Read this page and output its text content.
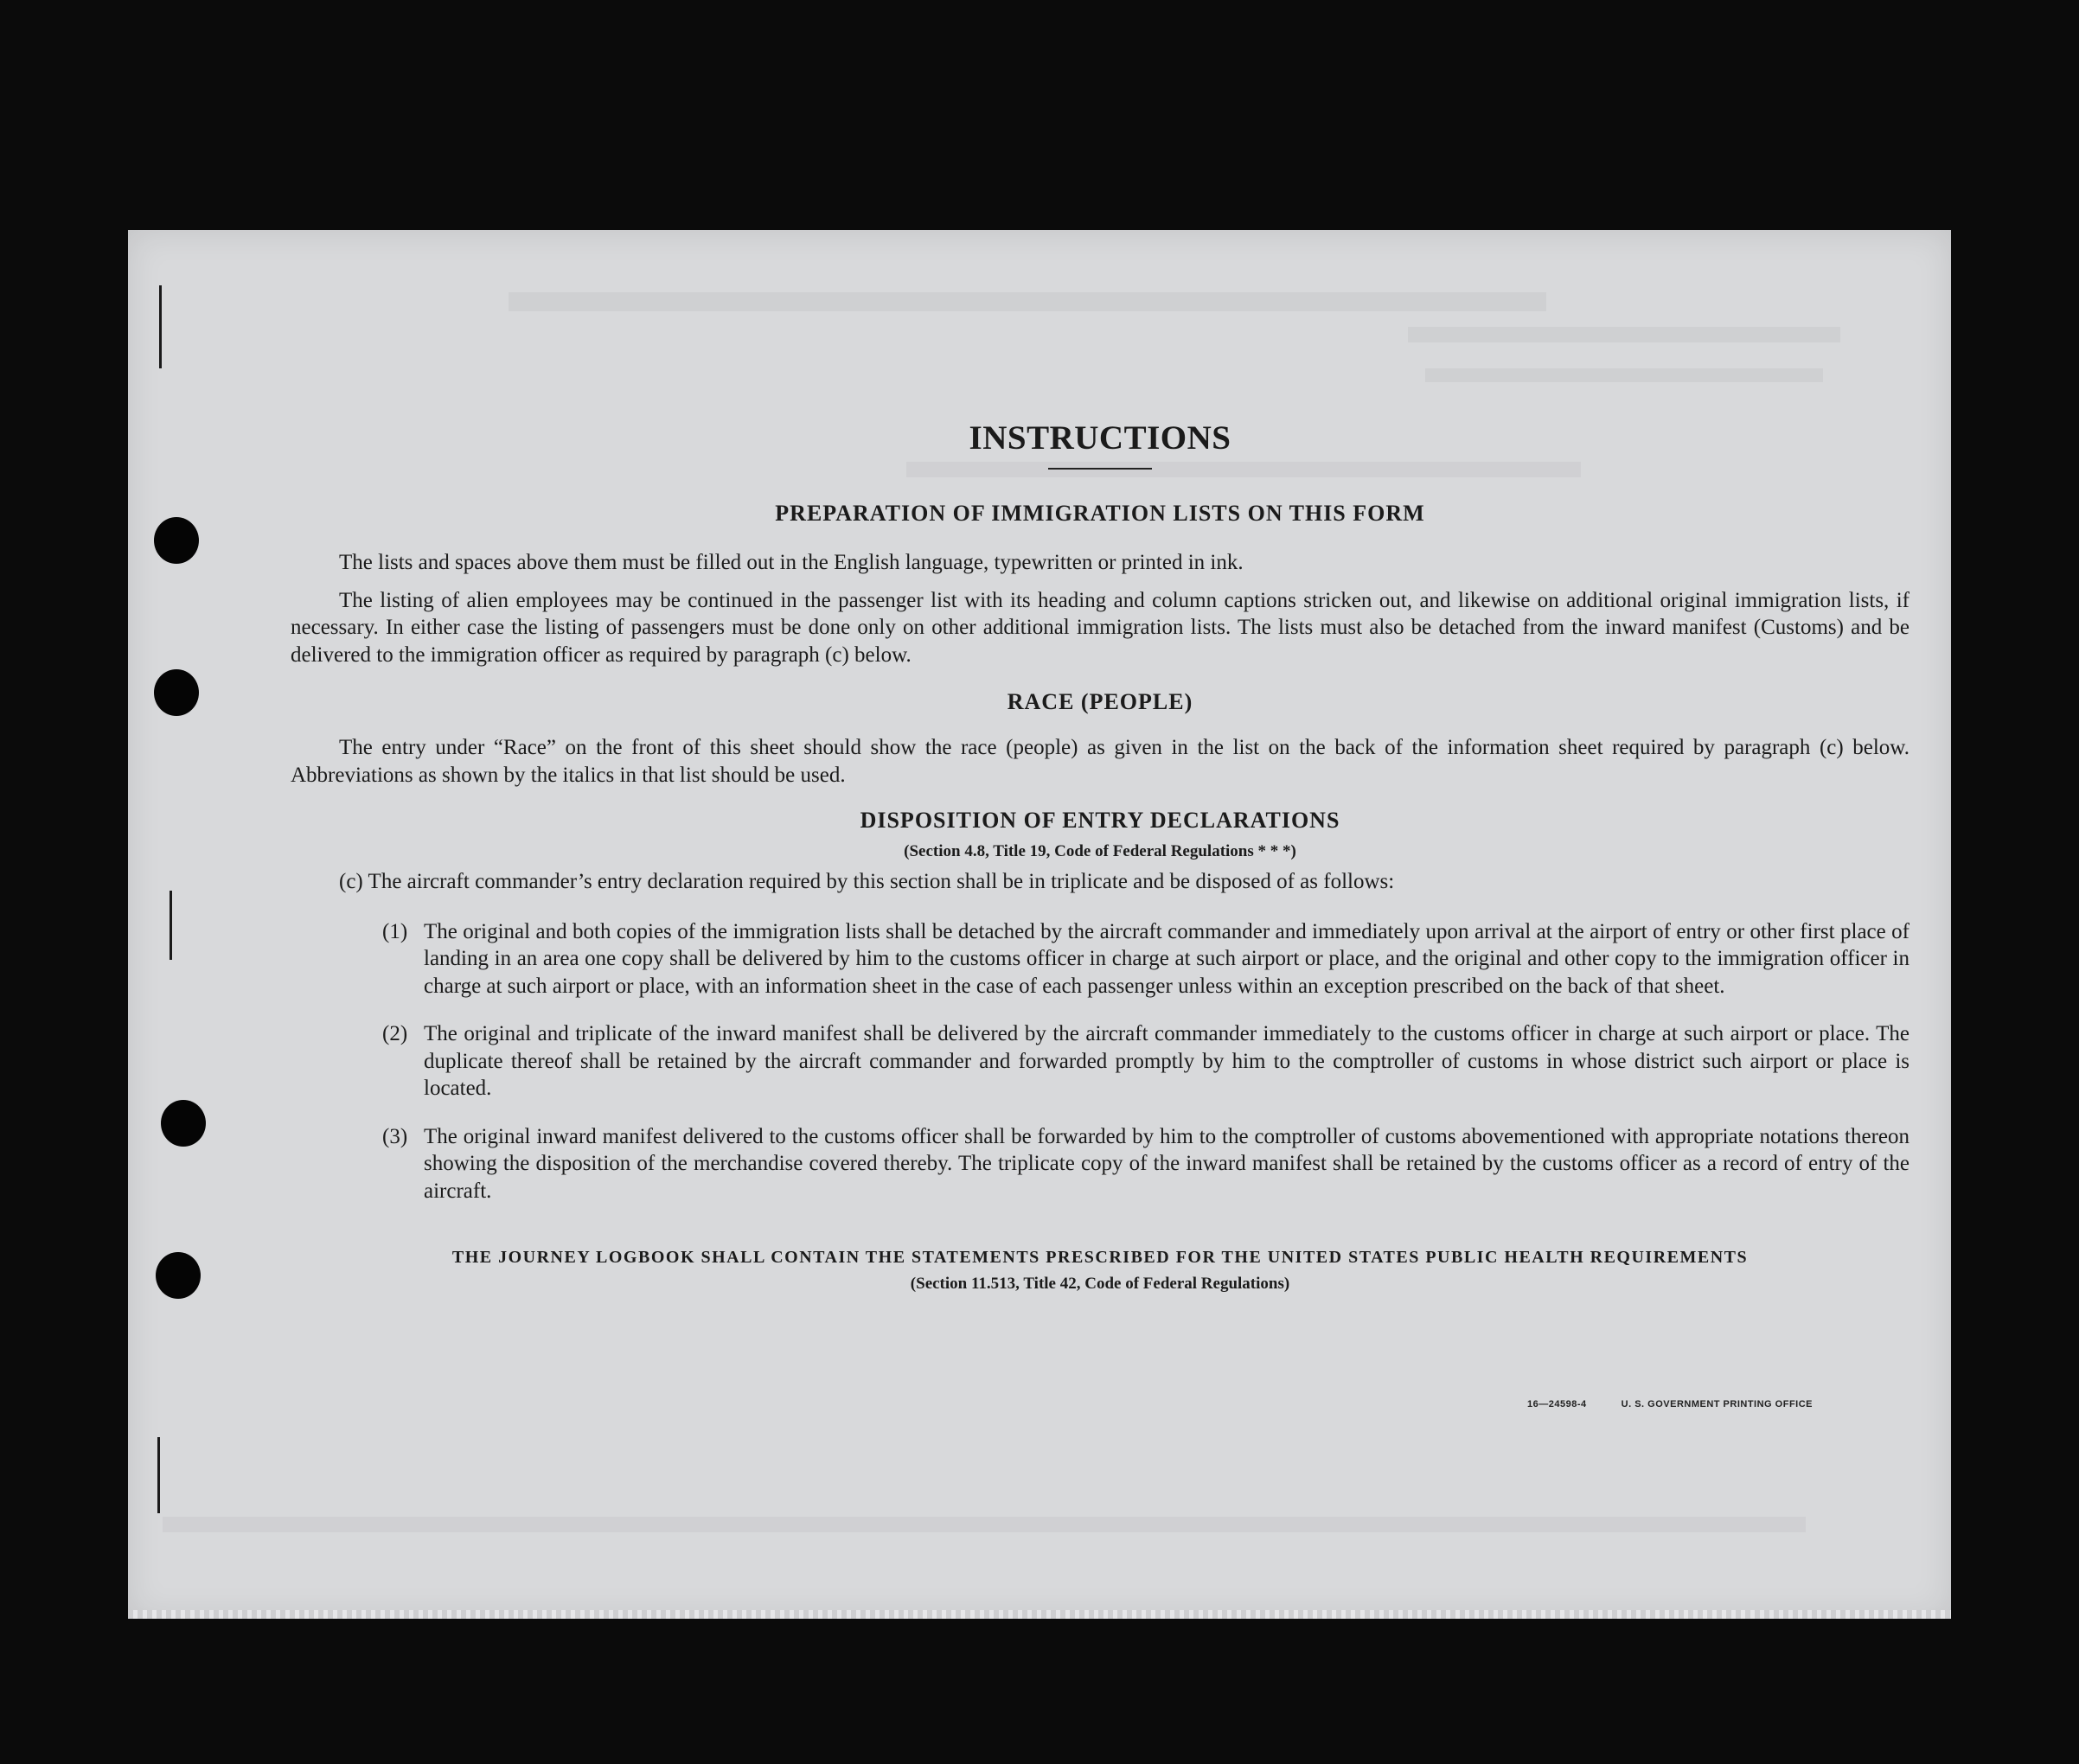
INSTRUCTIONS
PREPARATION OF IMMIGRATION LISTS ON THIS FORM

The lists and spaces above them must be filled out in the English language, typewritten or printed in ink.

The listing of alien employees may be continued in the passenger list with its heading and column captions stricken out, and likewise on additional original immigration lists, if necessary. In either case the listing of passengers must be done only on other additional immigration lists. The lists must also be detached from the inward manifest (Customs) and be delivered to the immigration officer as required by paragraph (c) below.

RACE (PEOPLE)

The entry under “Race” on the front of this sheet should show the race (people) as given in the list on the back of the information sheet required by paragraph (c) below. Abbreviations as shown by the italics in that list should be used.

DISPOSITION OF ENTRY DECLARATIONS
(Section 4.8, Title 19, Code of Federal Regulations * * *)

(c) The aircraft commander’s entry declaration required by this section shall be in triplicate and be disposed of as follows:

(1) The original and both copies of the immigration lists shall be detached by the aircraft commander and immediately upon arrival at the airport of entry or other first place of landing in an area one copy shall be delivered by him to the customs officer in charge at such airport or place, and the original and other copy to the immigration officer in charge at such airport or place, with an information sheet in the case of each passenger unless within an exception prescribed on the back of that sheet.
(2) The original and triplicate of the inward manifest shall be delivered by the aircraft commander immediately to the customs officer in charge at such airport or place. The duplicate thereof shall be retained by the aircraft commander and forwarded promptly by him to the comptroller of customs in whose district such airport or place is located.
(3) The original inward manifest delivered to the customs officer shall be forwarded by him to the comptroller of customs abovementioned with appropriate notations thereon showing the disposition of the merchandise covered thereby. The triplicate copy of the inward manifest shall be retained by the customs officer as a record of entry of the aircraft.

THE JOURNEY LOGBOOK SHALL CONTAIN THE STATEMENTS PRESCRIBED FOR THE UNITED STATES PUBLIC HEALTH REQUIREMENTS

(Section 11.513, Title 42, Code of Federal Regulations)

16—24598-4	U. S. GOVERNMENT PRINTING OFFICE
